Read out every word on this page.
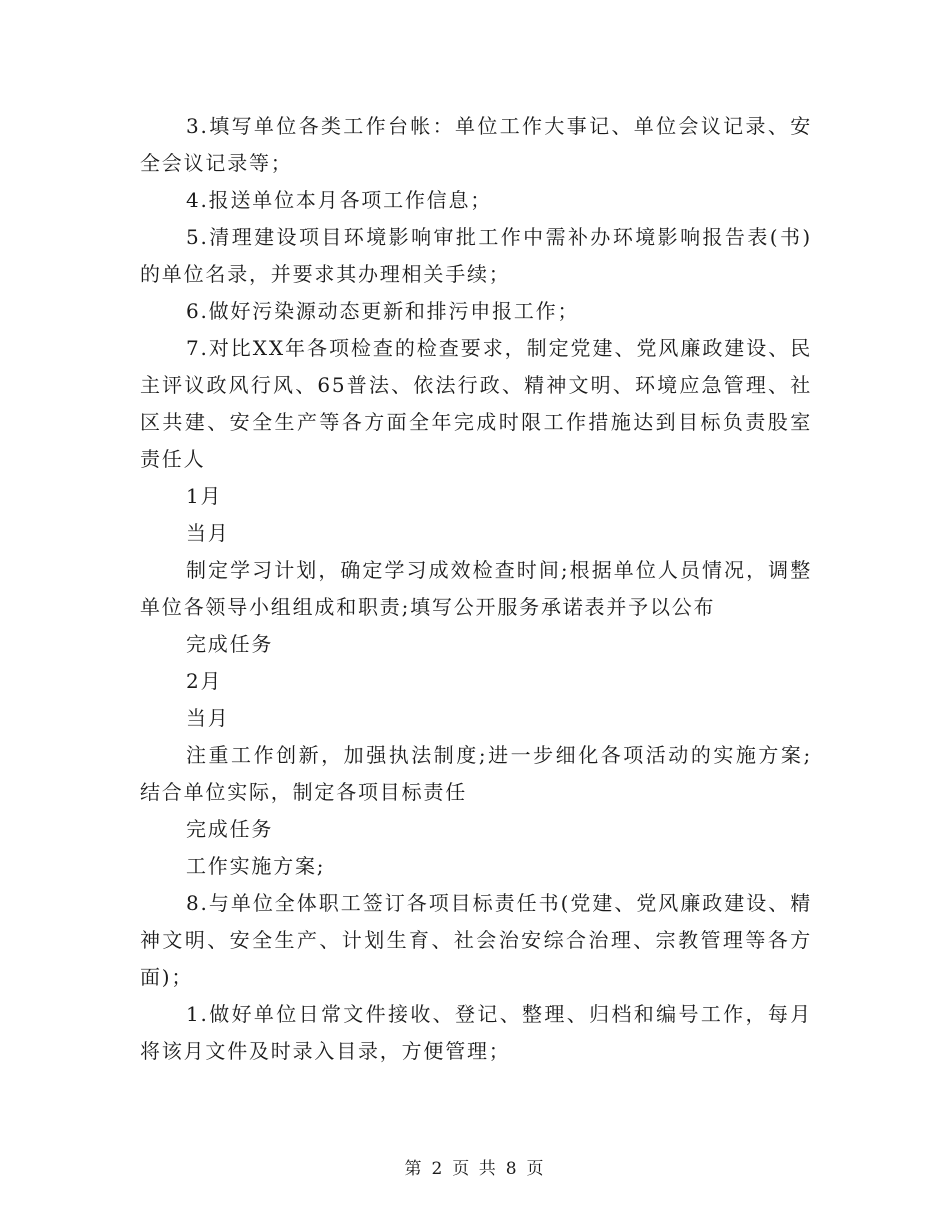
3.填写单位各类工作台帐：单位工作大事记、单位会议记录、安全会议记录等；

4.报送单位本月各项工作信息；

5.清理建设项目环境影响审批工作中需补办环境影响报告表(书)的单位名录，并要求其办理相关手续；

6.做好污染源动态更新和排污申报工作；

7.对比XX年各项检查的检查要求，制定党建、党风廉政建设、民主评议政风行风、65普法、依法行政、精神文明、环境应急管理、社区共建、安全生产等各方面全年完成时限工作措施达到目标负责股室责任人

1月

当月

制定学习计划，确定学习成效检查时间;根据单位人员情况，调整单位各领导小组组成和职责;填写公开服务承诺表并予以公布

完成任务

2月

当月

注重工作创新，加强执法制度;进一步细化各项活动的实施方案;结合单位实际，制定各项目标责任

完成任务

工作实施方案;

8.与单位全体职工签订各项目标责任书(党建、党风廉政建设、精神文明、安全生产、计划生育、社会治安综合治理、宗教管理等各方面)；

1.做好单位日常文件接收、登记、整理、归档和编号工作，每月将该月文件及时录入目录，方便管理；

第 2 页 共 8 页
